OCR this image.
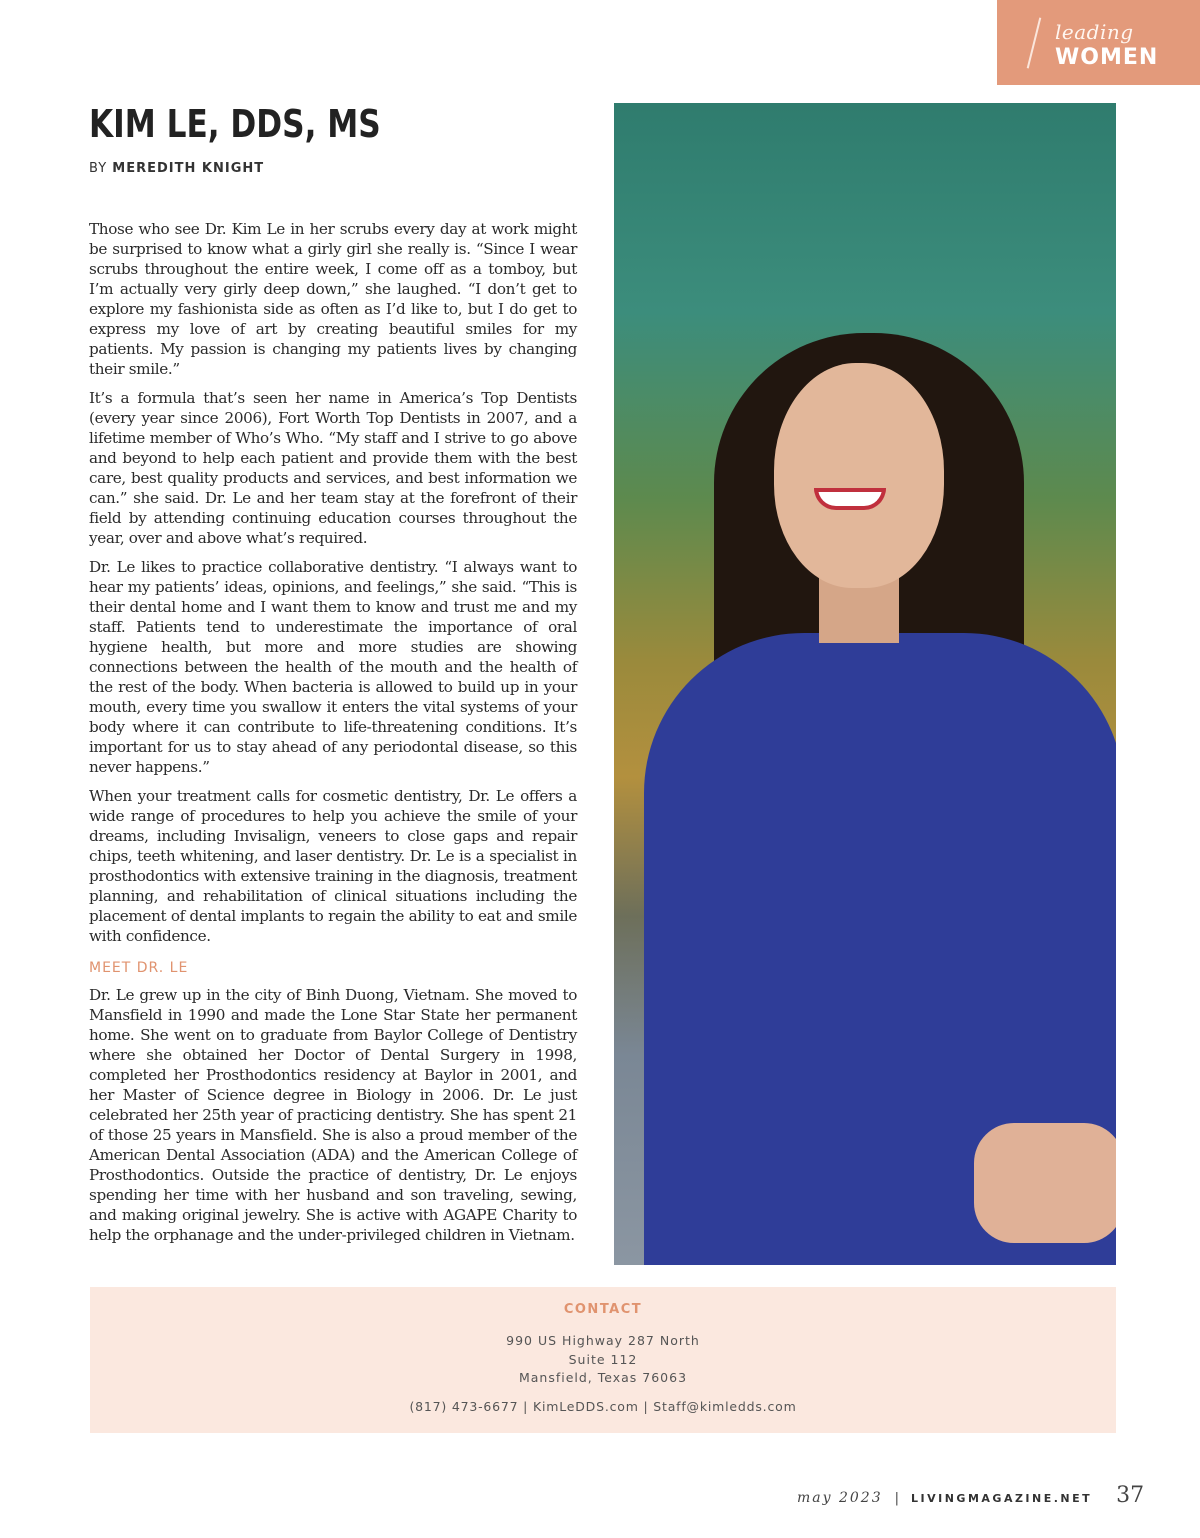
leading
WOMEN
KIM LE, DDS, MS
BY MEREDITH KNIGHT

Those who see Dr. Kim Le in her scrubs every day at work might be surprised to know what a girly girl she really is. “Since I wear scrubs throughout the entire week, I come off as a tomboy, but I’m actually very girly deep down,” she laughed. “I don’t get to explore my fashionista side as often as I’d like to, but I do get to express my love of art by creating beautiful smiles for my patients. My passion is changing my patients lives by changing their smile.”

It’s a formula that’s seen her name in America’s Top Dentists (every year since 2006), Fort Worth Top Dentists in 2007, and a lifetime member of Who’s Who. “My staff and I strive to go above and beyond to help each patient and provide them with the best care, best quality products and services, and best information we can.” she said. Dr. Le and her team stay at the forefront of their field by attending continuing education courses throughout the year, over and above what’s required.

Dr. Le likes to practice collaborative dentistry. “I always want to hear my patients’ ideas, opinions, and feelings,” she said. “This is their dental home and I want them to know and trust me and my staff. Patients tend to underestimate the importance of oral hygiene health, but more and more studies are showing connections between the health of the mouth and the health of the rest of the body. When bacteria is allowed to build up in your mouth, every time you swallow it enters the vital systems of your body where it can contribute to life-threatening conditions. It’s important for us to stay ahead of any periodontal disease, so this never happens.”

When your treatment calls for cosmetic dentistry, Dr. Le offers a wide range of procedures to help you achieve the smile of your dreams, including Invisalign, veneers to close gaps and repair chips, teeth whitening, and laser dentistry. Dr. Le is a specialist in prosthodontics with extensive training in the diagnosis, treatment planning, and rehabilitation of clinical situations including the placement of dental implants to regain the ability to eat and smile with confidence.

MEET DR. LE

Dr. Le grew up in the city of Binh Duong, Vietnam. She moved to Mansfield in 1990 and made the Lone Star State her permanent home. She went on to graduate from Baylor College of Dentistry where she obtained her Doctor of Dental Surgery in 1998, completed her Prosthodontics residency at Baylor in 2001, and her Master of Science degree in Biology in 2006. Dr. Le just celebrated her 25th year of practicing dentistry. She has spent 21 of those 25 years in Mansfield. She is also a proud member of the American Dental Association (ADA) and the American College of Prosthodontics. Outside the practice of dentistry, Dr. Le enjoys spending her time with her husband and son traveling, sewing, and making original jewelry. She is active with AGAPE Charity to help the orphanage and the under-privileged children in Vietnam.

CONTACT
990 US Highway 287 North
Suite 112
Mansfield, Texas 76063
(817) 473-6677 | KimLeDDS.com | Staff@kimledds.com
may 2023 | LIVINGMAGAZINE.NET 37
